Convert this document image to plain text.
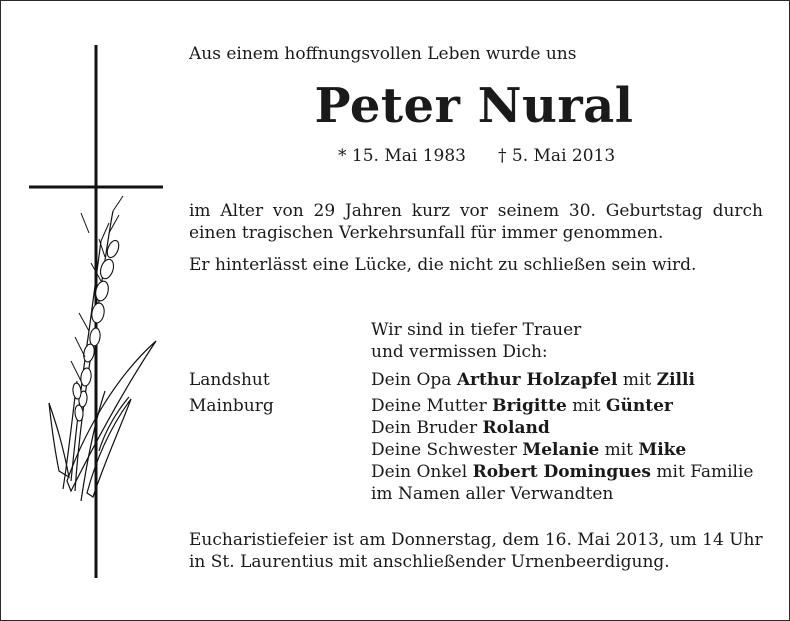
Aus einem hoffnungsvollen Leben wurde uns
Peter Nural
* 15. Mai 1983 † 5. Mai 2013
im Alter von 29 Jahren kurz vor seinem 30. Geburtstag durch
einen tragischen Verkehrsunfall für immer genommen.
Er hinterlässt eine Lücke, die nicht zu schließen sein wird.
Wir sind in tiefer Trauer
und vermissen Dich:
Landshut
Mainburg
Dein Opa Arthur Holzapfel mit Zilli
Deine Mutter Brigitte mit Günter
Dein Bruder Roland
Deine Schwester Melanie mit Mike
Dein Onkel Robert Domingues mit Familie
im Namen aller Verwandten
Eucharistiefeier ist am Donnerstag, dem 16. Mai 2013, um 14 Uhr
in St. Laurentius mit anschließender Urnenbeerdigung.
